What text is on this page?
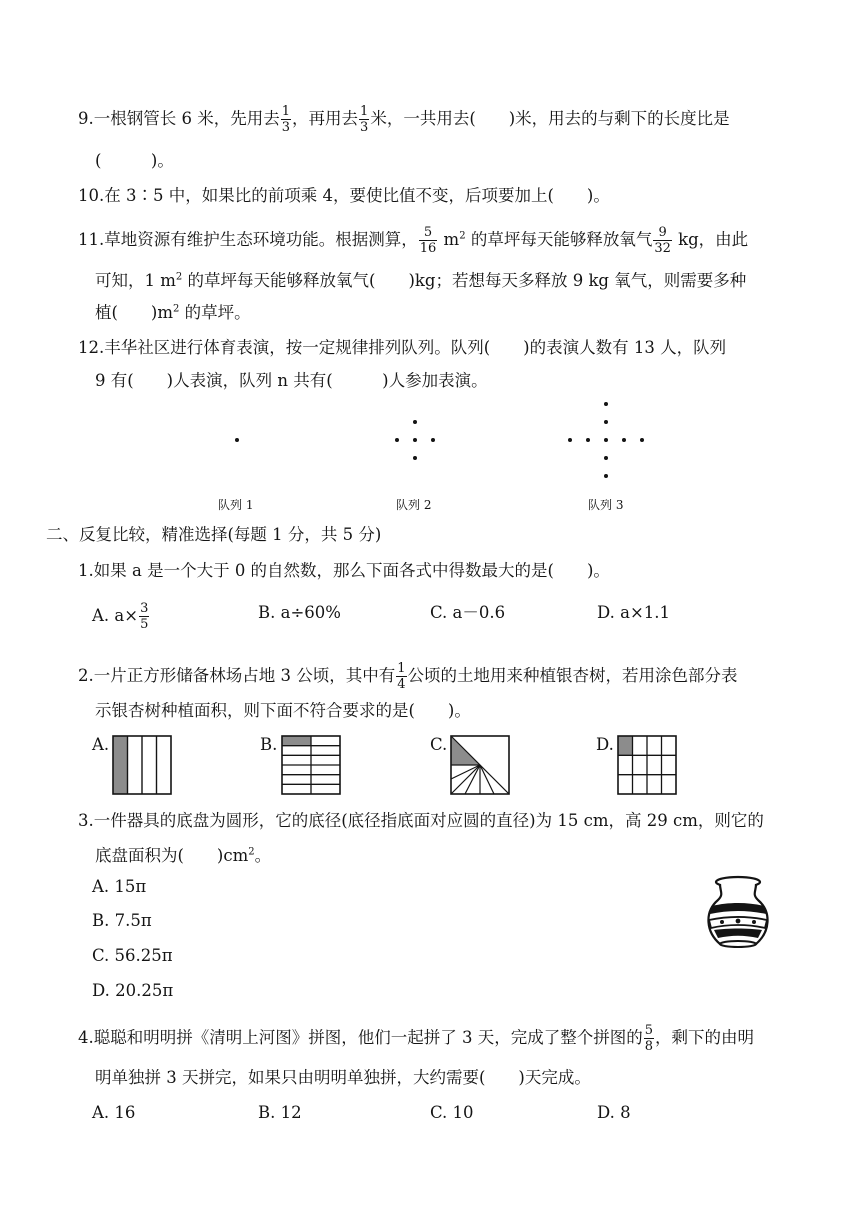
9.一根钢管长 6 米，先用去 $\frac{1}{3}$ ，再用去 $\frac{1}{3}$ 米，一共用去(　　)米，用去的与剩下的长度比是
(　　　)。
10.在 3∶5 中，如果比的前项乘 4，要使比值不变，后项要加上(　　)。
11.草地资源有维护生态环境功能。根据测算， $\frac{5}{16} m^2$ 的草坪每天能够释放氧气 $\frac{9}{32}$ kg，由此
可知，1 $m^2$ 的草坪每天能够释放氧气(　　)kg；若想每天多释放 9 kg 氧气，则需要多种
植(　　)$m^2$ 的草坪。
12.丰华社区进行体育表演，按一定规律排列队列。队列(　　)的表演人数有 13 人，队列
9 有(　　)人表演，队列 n 共有(　　　)人参加表演。
队列 1	队列 2	队列 3
二、反复比较，精准选择(每题 1 分，共 5 分)
1.如果 a 是一个大于 0 的自然数，那么下面各式中得数最大的是(　　)。
A. $a\times \frac{3}{5}$	B. a÷60%	C. a－0.6	D. a×1.1
2.一片正方形储备林场占地 3 公顷，其中有 $\frac{1}{4}$ 公顷的土地用来种植银杏树，若用涂色部分表
示银杏树种植面积，则下面不符合要求的是(　　)。
A.	B.	C.	D.
3.一件器具的底盘为圆形，它的底径(底径指底面对应圆的直径)为 15 cm，高 29 cm，则它的
底盘面积为(　　)$cm^2$。
A. 15π
B. 7.5π
C. 56.25π
D. 20.25π
4.聪聪和明明拼《清明上河图》拼图，他们一起拼了 3 天，完成了整个拼图的 $\frac{5}{8}$ ，剩下的由明
明单独拼 3 天拼完，如果只由明明单独拼，大约需要(　　)天完成。
A. 16	B. 12	C. 10	D. 8
